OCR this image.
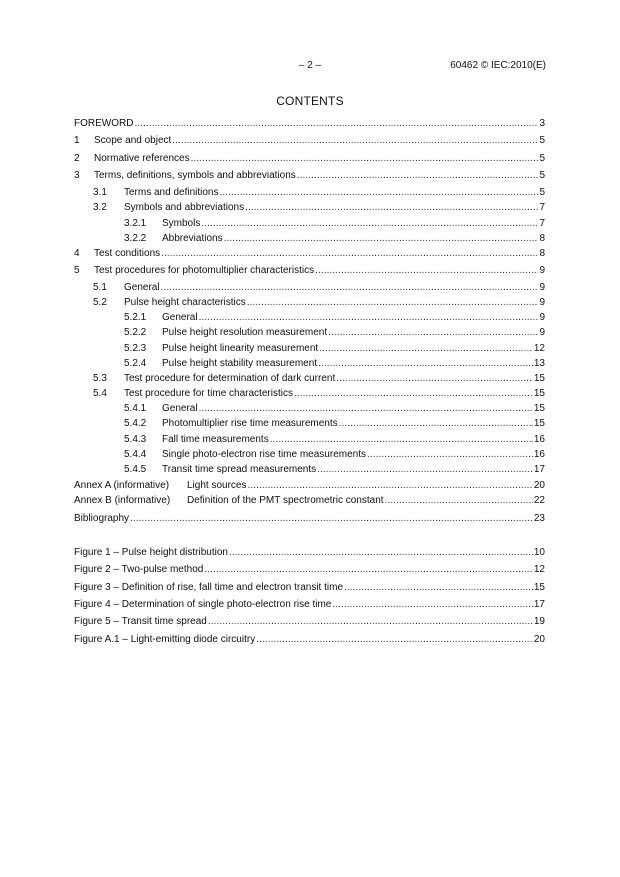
– 2 –	60462 © IEC:2010(E)
CONTENTS
FOREWORD .....	3
1	Scope and object .....	5
2	Normative references .....	5
3	Terms, definitions, symbols and abbreviations .....	5
3.1	Terms and definitions .....	5
3.2	Symbols and abbreviations .....	7
3.2.1	Symbols .....	7
3.2.2	Abbreviations .....	8
4	Test conditions .....	8
5	Test procedures for photomultiplier characteristics .....	9
5.1	General .....	9
5.2	Pulse height characteristics .....	9
5.2.1	General .....	9
5.2.2	Pulse height resolution measurement .....	9
5.2.3	Pulse height linearity measurement .....	12
5.2.4	Pulse height stability measurement .....	13
5.3	Test procedure for determination of dark current .....	15
5.4	Test procedure for time characteristics .....	15
5.4.1	General .....	15
5.4.2	Photomultiplier rise time measurements .....	15
5.4.3	Fall time measurements .....	16
5.4.4	Single photo-electron rise time measurements .....	16
5.4.5	Transit time spread measurements .....	17
Annex A (informative)	Light sources .....	20
Annex B (informative)	Definition of the PMT spectrometric constant .....	22
Bibliography .....	23
Figure 1 – Pulse height distribution .....	10
Figure 2 – Two-pulse method .....	12
Figure 3 – Definition of rise, fall time and electron transit time .....	15
Figure 4 – Determination of single photo-electron rise time .....	17
Figure 5 – Transit time spread .....	19
Figure A.1 – Light-emitting diode circuitry .....	20
